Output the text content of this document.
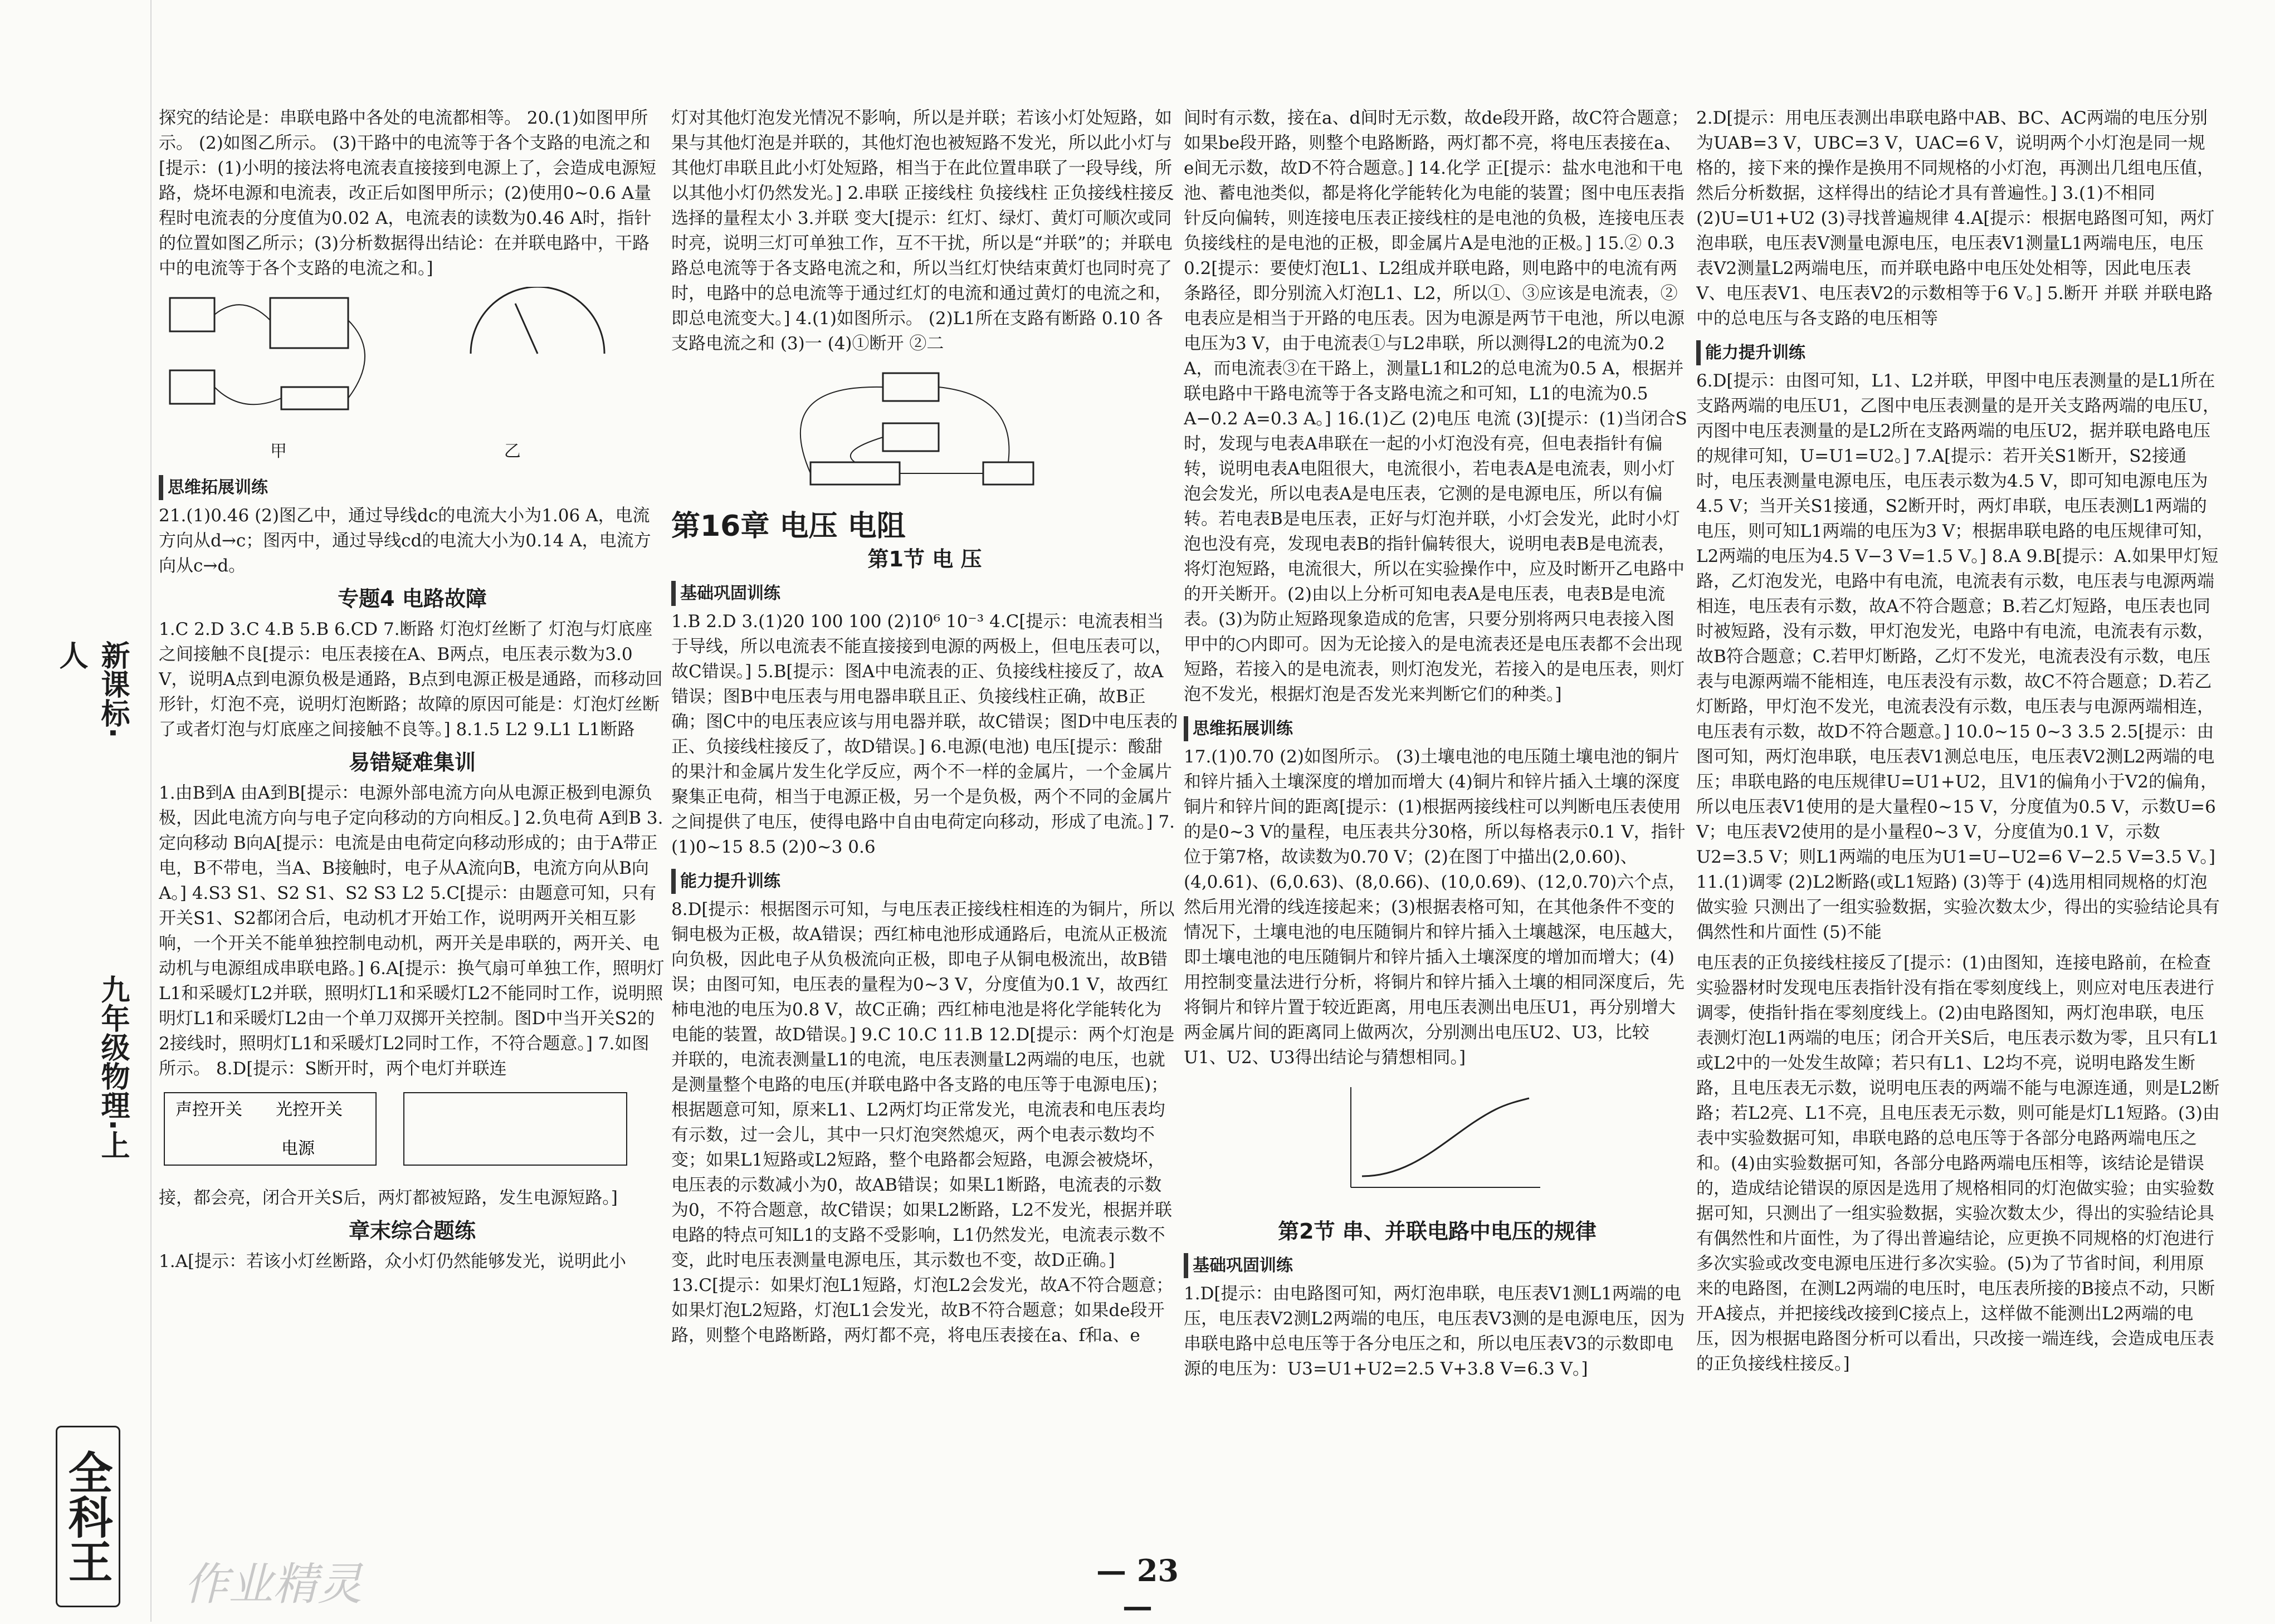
新课标·人
九年级物理·上
全科王

探究的结论是：串联电路中各处的电流都相等。 20.(1)如图甲所示。 (2)如图乙所示。 (3)干路中的电流等于各个支路的电流之和[提示：(1)小明的接法将电流表直接接到电源上了，会造成电源短路，烧坏电源和电流表，改正后如图甲所示；(2)使用0~0.6 A量程时电流表的分度值为0.02 A，电流表的读数为0.46 A时，指针的位置如图乙所示；(3)分析数据得出结论：在并联电路中，干路中的电流等于各个支路的电流之和。]

甲	乙
思维拓展训练

21.(1)0.46 (2)图乙中，通过导线dc的电流大小为1.06 A，电流方向从d→c；图丙中，通过导线cd的电流大小为0.14 A，电流方向从c→d。

专题4 电路故障

1.C 2.D 3.C 4.B 5.B 6.CD 7.断路 灯泡灯丝断了 灯泡与灯底座之间接触不良[提示：电压表接在A、B两点，电压表示数为3.0 V，说明A点到电源负极是通路，B点到电源正极是通路，而移动回形针，灯泡不亮，说明灯泡断路；故障的原因可能是：灯泡灯丝断了或者灯泡与灯底座之间接触不良等。] 8.1.5 L2 9.L1 L1断路

易错疑难集训

1.由B到A 由A到B[提示：电源外部电流方向从电源正极到电源负极，因此电流方向与电子定向移动的方向相反。] 2.负电荷 A到B 3.定向移动 B向A[提示：电流是由电荷定向移动形成的；由于A带正电，B不带电，当A、B接触时，电子从A流向B，电流方向从B向A。] 4.S3 S1、S2 S1、S2 S3 L2 5.C[提示：由题意可知，只有开关S1、S2都闭合后，电动机才开始工作，说明两开关相互影响，一个开关不能单独控制电动机，两开关是串联的，两开关、电动机与电源组成串联电路。] 6.A[提示：换气扇可单独工作，照明灯L1和采暖灯L2并联，照明灯L1和采暖灯L2不能同时工作，说明照明灯L1和采暖灯L2由一个单刀双掷开关控制。图D中当开关S2的2接线时，照明灯L1和采暖灯L2同时工作，不符合题意。] 7.如图所示。 8.D[提示：S断开时，两个电灯并联连

声控开关 光控开关
电源

接，都会亮，闭合开关S后，两灯都被短路，发生电源短路。]

章末综合题练

1.A[提示：若该小灯丝断路，众小灯仍然能够发光，说明此小

灯对其他灯泡发光情况不影响，所以是并联；若该小灯处短路，如果与其他灯泡是并联的，其他灯泡也被短路不发光，所以此小灯与其他灯串联且此小灯处短路，相当于在此位置串联了一段导线，所以其他小灯仍然发光。] 2.串联 正接线柱 负接线柱 正负接线柱接反 选择的量程太小 3.并联 变大[提示：红灯、绿灯、黄灯可顺次或同时亮，说明三灯可单独工作，互不干扰，所以是“并联”的；并联电路总电流等于各支路电流之和，所以当红灯快结束黄灯也同时亮了时，电路中的总电流等于通过红灯的电流和通过黄灯的电流之和，即总电流变大。] 4.(1)如图所示。 (2)L1所在支路有断路 0.10 各支路电流之和 (3)一 (4)①断开 ②二

第16章 电压 电阻
第1节 电 压
基础巩固训练

1.B 2.D 3.(1)20 100 100 (2)10⁶ 10⁻³ 4.C[提示：电流表相当于导线，所以电流表不能直接接到电源的两极上，但电压表可以，故C错误。] 5.B[提示：图A中电流表的正、负接线柱接反了，故A错误；图B中电压表与用电器串联且正、负接线柱正确，故B正确；图C中的电压表应该与用电器并联，故C错误；图D中电压表的正、负接线柱接反了，故D错误。] 6.电源(电池) 电压[提示：酸甜的果汁和金属片发生化学反应，两个不一样的金属片，一个金属片聚集正电荷，相当于电源正极，另一个是负极，两个不同的金属片之间提供了电压，使得电路中自由电荷定向移动，形成了电流。] 7.(1)0~15 8.5 (2)0~3 0.6

能力提升训练

8.D[提示：根据图示可知，与电压表正接线柱相连的为铜片，所以铜电极为正极，故A错误；西红柿电池形成通路后，电流从正极流向负极，因此电子从负极流向正极，即电子从铜电极流出，故B错误；由图可知，电压表的量程为0~3 V，分度值为0.1 V，故西红柿电池的电压为0.8 V，故C正确；西红柿电池是将化学能转化为电能的装置，故D错误。] 9.C 10.C 11.B 12.D[提示：两个灯泡是并联的，电流表测量L1的电流，电压表测量L2两端的电压，也就是测量整个电路的电压(并联电路中各支路的电压等于电源电压)；根据题意可知，原来L1、L2两灯均正常发光，电流表和电压表均有示数，过一会儿，其中一只灯泡突然熄灭，两个电表示数均不变；如果L1短路或L2短路，整个电路都会短路，电源会被烧坏，电压表的示数减小为0，故AB错误；如果L1断路，电流表的示数为0，不符合题意，故C错误；如果L2断路，L2不发光，根据并联电路的特点可知L1的支路不受影响，L1仍然发光，电流表示数不变，此时电压表测量电源电压，其示数也不变，故D正确。] 13.C[提示：如果灯泡L1短路，灯泡L2会发光，故A不符合题意；如果灯泡L2短路，灯泡L1会发光，故B不符合题意；如果de段开路，则整个电路断路，两灯都不亮，将电压表接在a、f和a、e

间时有示数，接在a、d间时无示数，故de段开路，故C符合题意；如果be段开路，则整个电路断路，两灯都不亮，将电压表接在a、e间无示数，故D不符合题意。] 14.化学 正[提示：盐水电池和干电池、蓄电池类似，都是将化学能转化为电能的装置；图中电压表指针反向偏转，则连接电压表正接线柱的是电池的负极，连接电压表负接线柱的是电池的正极，即金属片A是电池的正极。] 15.② 0.3 0.2[提示：要使灯泡L1、L2组成并联电路，则电路中的电流有两条路径，即分别流入灯泡L1、L2，所以①、③应该是电流表，②电表应是相当于开路的电压表。因为电源是两节干电池，所以电源电压为3 V，由于电流表①与L2串联，所以测得L2的电流为0.2 A，而电流表③在干路上，测量L1和L2的总电流为0.5 A，根据并联电路中干路电流等于各支路电流之和可知，L1的电流为0.5 A−0.2 A=0.3 A。] 16.(1)乙 (2)电压 电流 (3)[提示：(1)当闭合S时，发现与电表A串联在一起的小灯泡没有亮，但电表指针有偏转，说明电表A电阻很大，电流很小，若电表A是电流表，则小灯泡会发光，所以电表A是电压表，它测的是电源电压，所以有偏转。若电表B是电压表，正好与灯泡并联，小灯会发光，此时小灯泡也没有亮，发现电表B的指针偏转很大，说明电表B是电流表，将灯泡短路，电流很大，所以在实验操作中，应及时断开乙电路中的开关断开。(2)由以上分析可知电表A是电压表，电表B是电流表。(3)为防止短路现象造成的危害，只要分别将两只电表接入图甲中的○内即可。因为无论接入的是电流表还是电压表都不会出现短路，若接入的是电流表，则灯泡发光，若接入的是电压表，则灯泡不发光，根据灯泡是否发光来判断它们的种类。]

思维拓展训练

17.(1)0.70 (2)如图所示。 (3)土壤电池的电压随土壤电池的铜片和锌片插入土壤深度的增加而增大 (4)铜片和锌片插入土壤的深度 铜片和锌片间的距离[提示：(1)根据两接线柱可以判断电压表使用的是0~3 V的量程，电压表共分30格，所以每格表示0.1 V，指针位于第7格，故读数为0.70 V；(2)在图丁中描出(2,0.60)、(4,0.61)、(6,0.63)、(8,0.66)、(10,0.69)、(12,0.70)六个点，然后用光滑的线连接起来；(3)根据表格可知，在其他条件不变的情况下，土壤电池的电压随铜片和锌片插入土壤越深，电压越大，即土壤电池的电压随铜片和锌片插入土壤深度的增加而增大；(4)用控制变量法进行分析，将铜片和锌片插入土壤的相同深度后，先将铜片和锌片置于较近距离，用电压表测出电压U1，再分别增大两金属片间的距离同上做两次，分别测出电压U2、U3，比较U1、U2、U3得出结论与猜想相同。]

第2节 串、并联电路中电压的规律
基础巩固训练

1.D[提示：由电路图可知，两灯泡串联，电压表V1测L1两端的电压，电压表V2测L2两端的电压，电压表V3测的是电源电压，因为串联电路中总电压等于各分电压之和，所以电压表V3的示数即电源的电压为：U3=U1+U2=2.5 V+3.8 V=6.3 V。]

2.D[提示：用电压表测出串联电路中AB、BC、AC两端的电压分别为UAB=3 V，UBC=3 V，UAC=6 V，说明两个小灯泡是同一规格的，接下来的操作是换用不同规格的小灯泡，再测出几组电压值，然后分析数据，这样得出的结论才具有普遍性。] 3.(1)不相同 (2)U=U1+U2 (3)寻找普遍规律 4.A[提示：根据电路图可知，两灯泡串联，电压表V测量电源电压，电压表V1测量L1两端电压，电压表V2测量L2两端电压，而并联电路中电压处处相等，因此电压表V、电压表V1、电压表V2的示数相等于6 V。] 5.断开 并联 并联电路中的总电压与各支路的电压相等

能力提升训练

6.D[提示：由图可知，L1、L2并联，甲图中电压表测量的是L1所在支路两端的电压U1，乙图中电压表测量的是开关支路两端的电压U，丙图中电压表测量的是L2所在支路两端的电压U2，据并联电路电压的规律可知，U=U1=U2。] 7.A[提示：若开关S1断开，S2接通时，电压表测量电源电压，电压表示数为4.5 V，即可知电源电压为4.5 V；当开关S1接通，S2断开时，两灯串联，电压表测L1两端的电压，则可知L1两端的电压为3 V；根据串联电路的电压规律可知，L2两端的电压为4.5 V−3 V=1.5 V。] 8.A 9.B[提示：A.如果甲灯短路，乙灯泡发光，电路中有电流，电流表有示数，电压表与电源两端相连，电压表有示数，故A不符合题意；B.若乙灯短路，电压表也同时被短路，没有示数，甲灯泡发光，电路中有电流，电流表有示数，故B符合题意；C.若甲灯断路，乙灯不发光，电流表没有示数，电压表与电源两端不能相连，电压表没有示数，故C不符合题意；D.若乙灯断路，甲灯泡不发光，电流表没有示数，电压表与电源两端相连，电压表有示数，故D不符合题意。] 10.0~15 0~3 3.5 2.5[提示：由图可知，两灯泡串联，电压表V1测总电压，电压表V2测L2两端的电压；串联电路的电压规律U=U1+U2，且V1的偏角小于V2的偏角，所以电压表V1使用的是大量程0~15 V，分度值为0.5 V，示数U=6 V；电压表V2使用的是小量程0~3 V，分度值为0.1 V，示数U2=3.5 V；则L1两端的电压为U1=U−U2=6 V−2.5 V=3.5 V。] 11.(1)调零 (2)L2断路(或L1短路) (3)等于 (4)选用相同规格的灯泡做实验 只测出了一组实验数据，实验次数太少，得出的实验结论具有偶然性和片面性 (5)不能

电压表的正负接线柱接反了[提示：(1)由图知，连接电路前，在检查实验器材时发现电压表指针没有指在零刻度线上，则应对电压表进行调零，使指针指在零刻度线上。(2)由电路图知，两灯泡串联，电压表测灯泡L1两端的电压；闭合开关S后，电压表示数为零，且只有L1或L2中的一处发生故障；若只有L1、L2均不亮，说明电路发生断路，且电压表无示数，说明电压表的两端不能与电源连通，则是L2断路；若L2亮、L1不亮，且电压表无示数，则可能是灯L1短路。(3)由表中实验数据可知，串联电路的总电压等于各部分电路两端电压之和。(4)由实验数据可知，各部分电路两端电压相等，该结论是错误的，造成结论错误的原因是选用了规格相同的灯泡做实验；由实验数据可知，只测出了一组实验数据，实验次数太少，得出的实验结论具有偶然性和片面性，为了得出普遍结论，应更换不同规格的灯泡进行多次实验或改变电源电压进行多次实验。(5)为了节省时间，利用原来的电路图，在测L2两端的电压时，电压表所接的B接点不动，只断开A接点，并把接线改接到C接点上，这样做不能测出L2两端的电压，因为根据电路图分析可以看出，只改接一端连线，会造成电压表的正负接线柱接反。]

— 23 —
作业精灵
